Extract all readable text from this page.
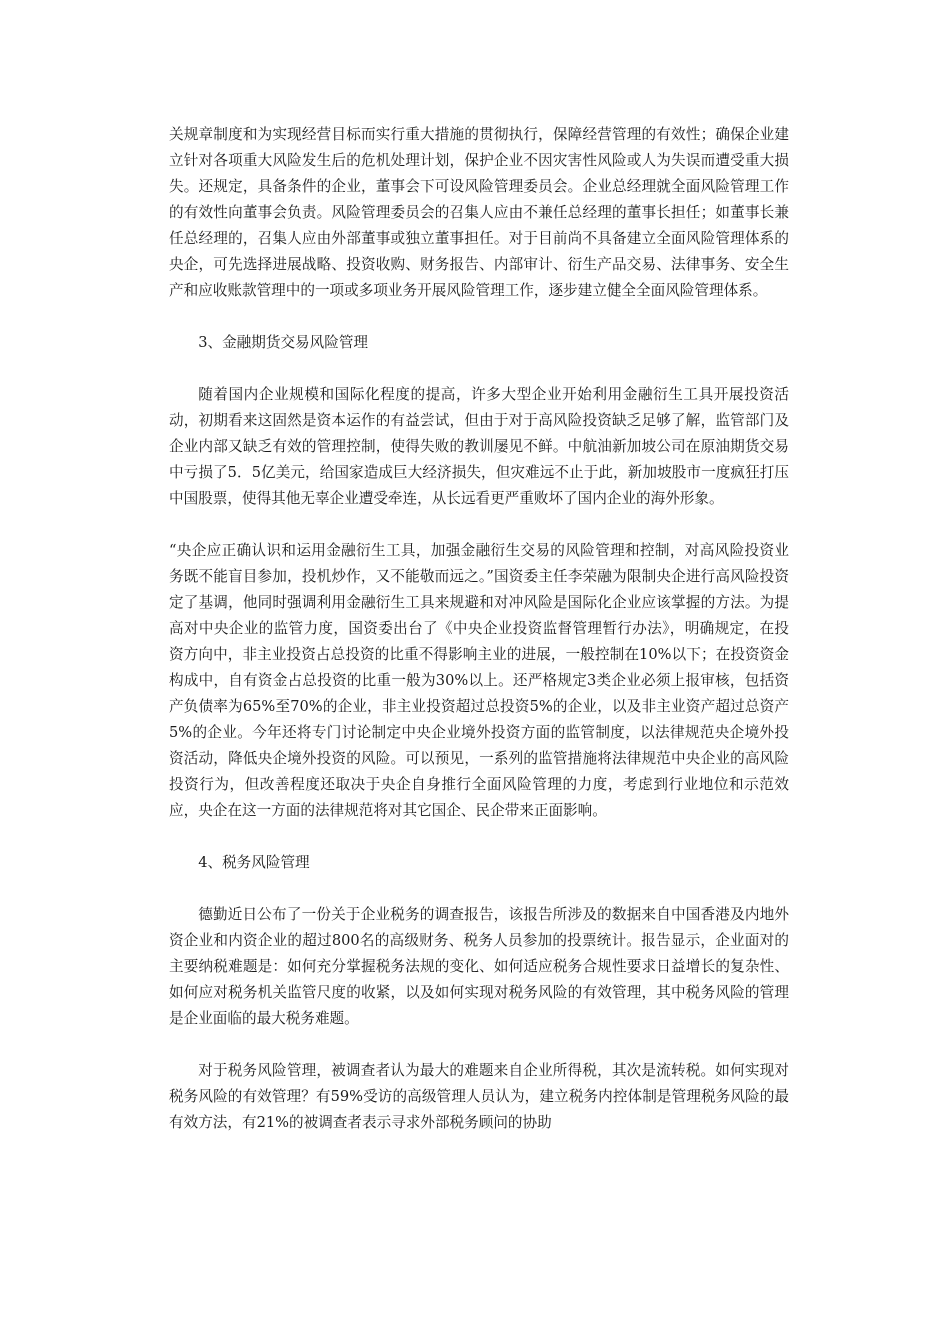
关规章制度和为实现经营目标而实行重大措施的贯彻执行，保障经营管理的有效性；确保企业建立针对各项重大风险发生后的危机处理计划，保护企业不因灾害性风险或人为失误而遭受重大损失。还规定，具备条件的企业，董事会下可设风险管理委员会。企业总经理就全面风险管理工作的有效性向董事会负责。风险管理委员会的召集人应由不兼任总经理的董事长担任；如董事长兼任总经理的，召集人应由外部董事或独立董事担任。对于目前尚不具备建立全面风险管理体系的央企，可先选择进展战略、投资收购、财务报告、内部审计、衍生产品交易、法律事务、安全生产和应收账款管理中的一项或多项业务开展风险管理工作，逐步建立健全全面风险管理体系。

3、金融期货交易风险管理

随着国内企业规模和国际化程度的提高，许多大型企业开始利用金融衍生工具开展投资活动，初期看来这固然是资本运作的有益尝试，但由于对于高风险投资缺乏足够了解，监管部门及企业内部又缺乏有效的管理控制，使得失败的教训屡见不鲜。中航油新加坡公司在原油期货交易中亏损了5．5亿美元，给国家造成巨大经济损失，但灾难远不止于此，新加坡股市一度疯狂打压中国股票，使得其他无辜企业遭受牵连，从长远看更严重败坏了国内企业的海外形象。

“央企应正确认识和运用金融衍生工具，加强金融衍生交易的风险管理和控制，对高风险投资业务既不能盲目参加，投机炒作，又不能敬而远之。”国资委主任李荣融为限制央企进行高风险投资定了基调，他同时强调利用金融衍生工具来规避和对冲风险是国际化企业应该掌握的方法。为提高对中央企业的监管力度，国资委出台了《中央企业投资监督管理暂行办法》，明确规定，在投资方向中，非主业投资占总投资的比重不得影响主业的进展，一般控制在10%以下；在投资资金构成中，自有资金占总投资的比重一般为30%以上。还严格规定3类企业必须上报审核，包括资产负债率为65%至70%的企业，非主业投资超过总投资5%的企业，以及非主业资产超过总资产5%的企业。今年还将专门讨论制定中央企业境外投资方面的监管制度，以法律规范央企境外投资活动，降低央企境外投资的风险。可以预见，一系列的监管措施将法律规范中央企业的高风险投资行为，但改善程度还取决于央企自身推行全面风险管理的力度，考虑到行业地位和示范效应，央企在这一方面的法律规范将对其它国企、民企带来正面影响。

4、税务风险管理

德勤近日公布了一份关于企业税务的调查报告，该报告所涉及的数据来自中国香港及内地外资企业和内资企业的超过800名的高级财务、税务人员参加的投票统计。报告显示，企业面对的主要纳税难题是：如何充分掌握税务法规的变化、如何适应税务合规性要求日益增长的复杂性、如何应对税务机关监管尺度的收紧，以及如何实现对税务风险的有效管理，其中税务风险的管理是企业面临的最大税务难题。

对于税务风险管理，被调查者认为最大的难题来自企业所得税，其次是流转税。如何实现对税务风险的有效管理？有59%受访的高级管理人员认为，建立税务内控体制是管理税务风险的最有效方法，有21%的被调查者表示寻求外部税务顾问的协助
